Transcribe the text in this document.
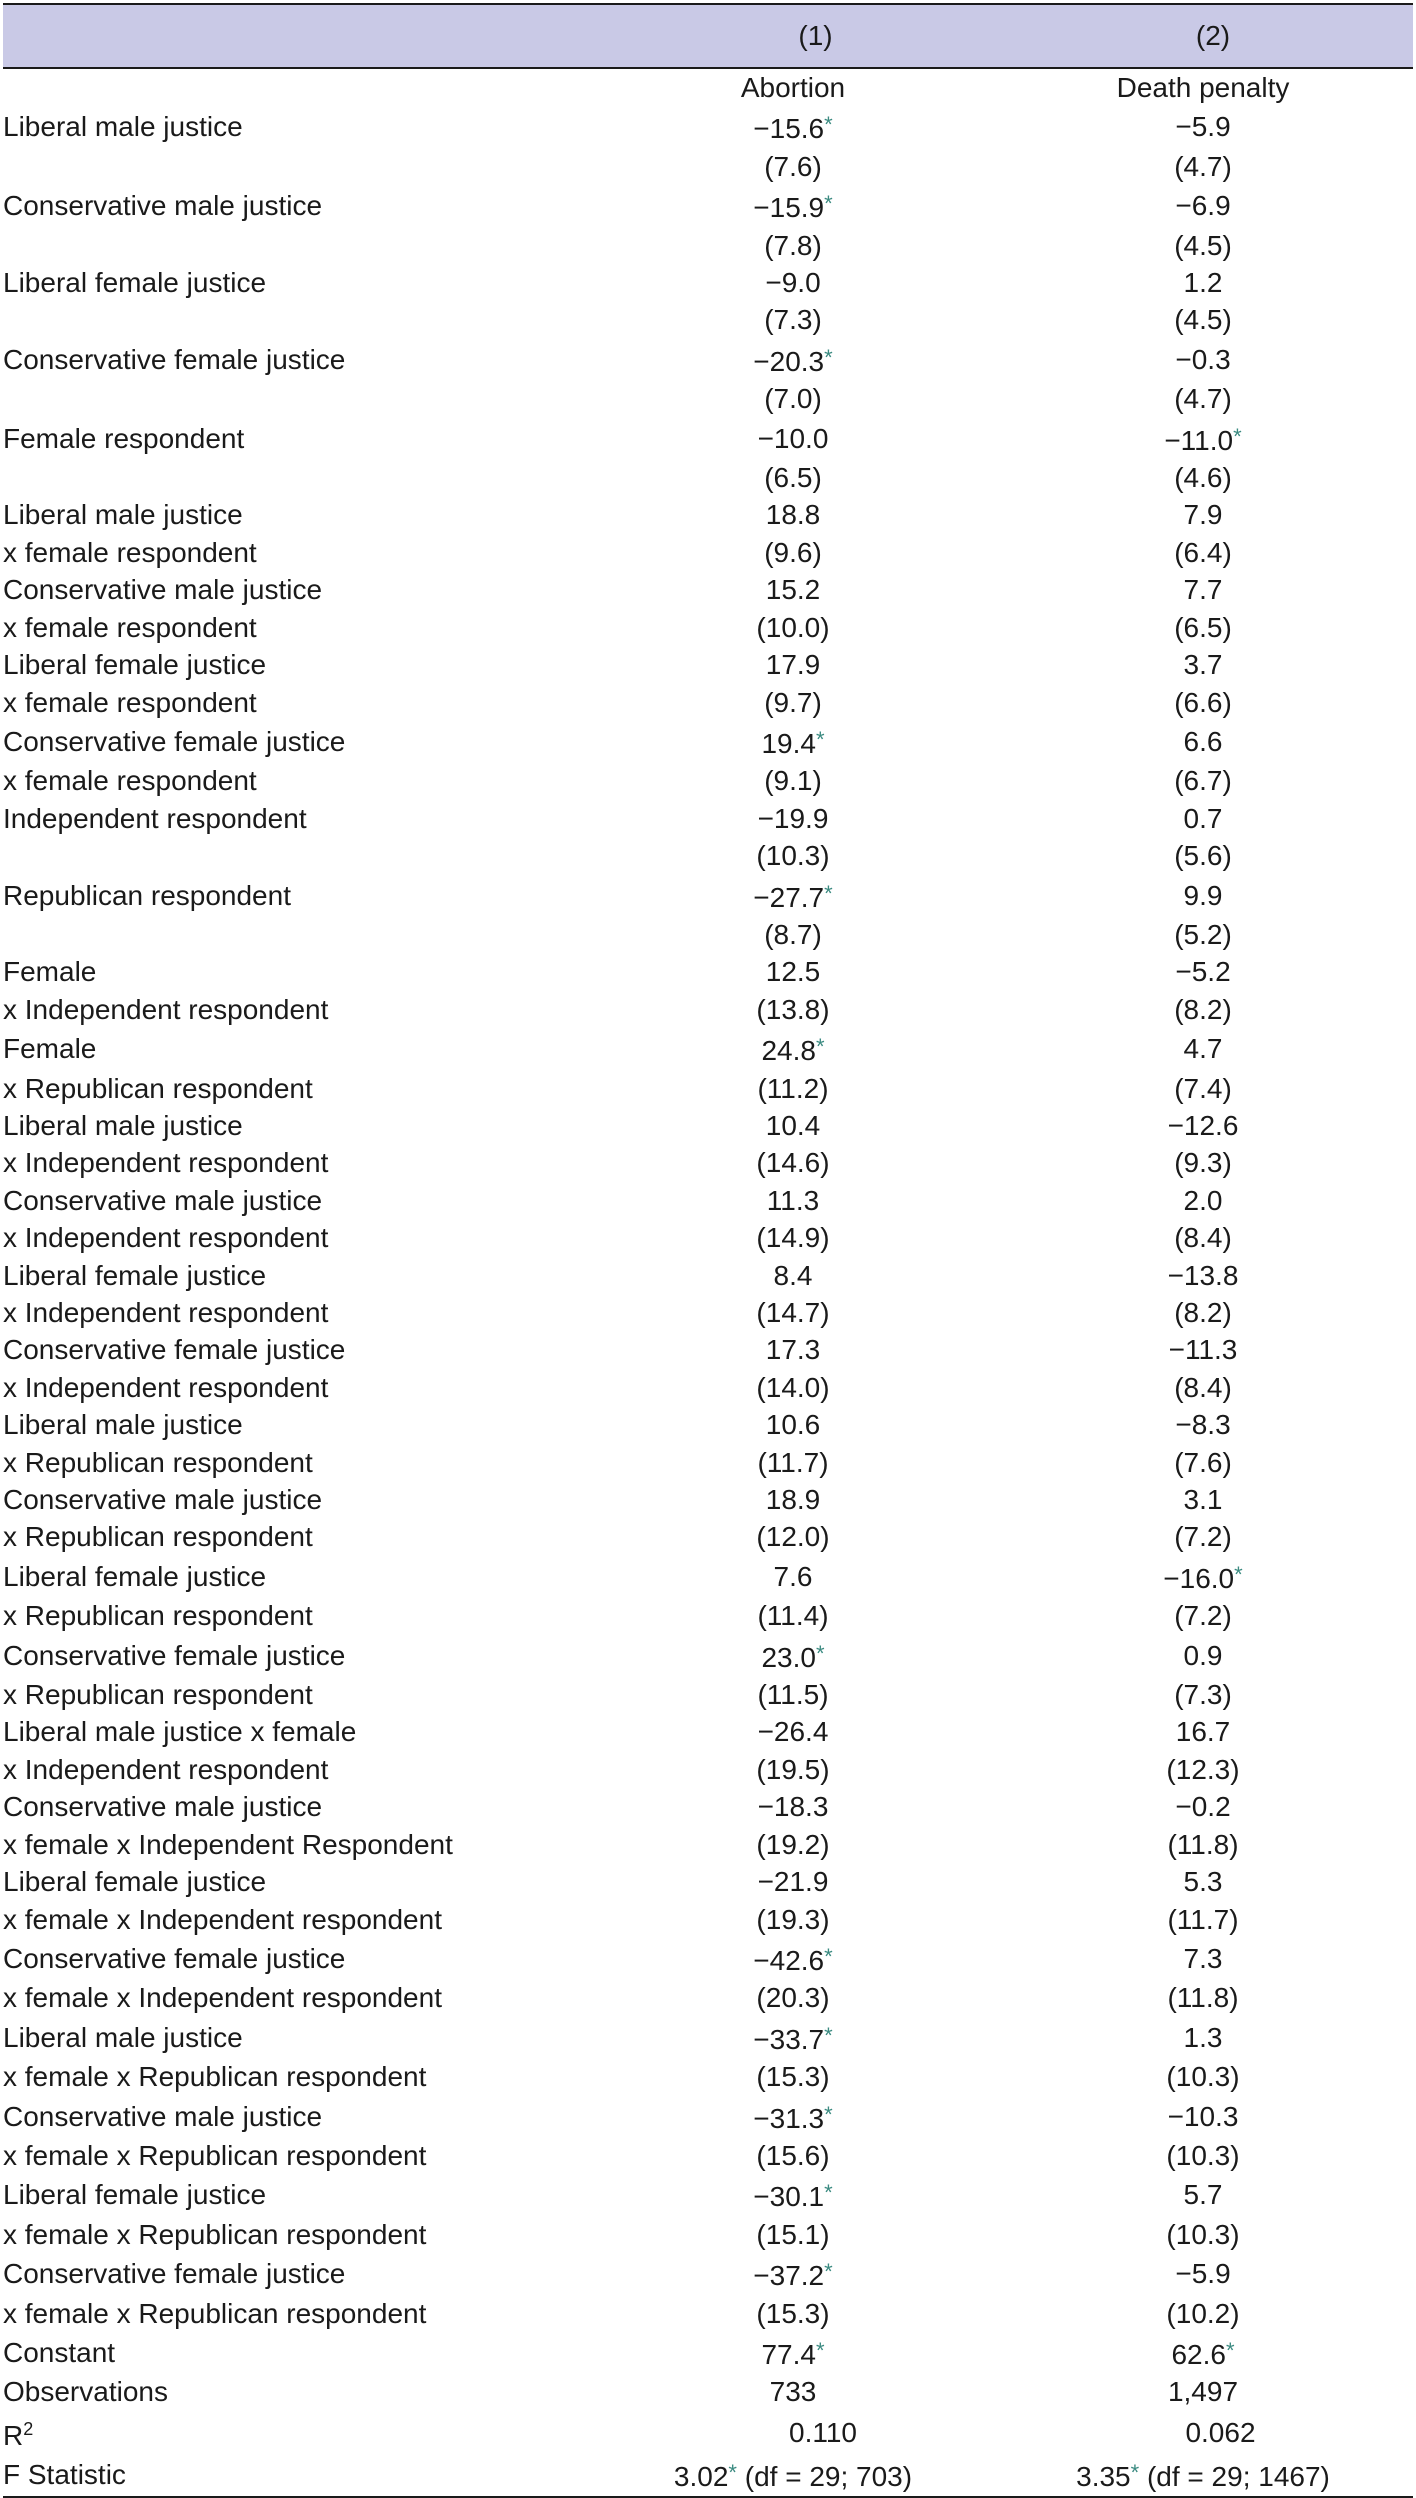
	(1)	(2)
	Abortion	Death penalty
Liberal male justice	−15.6*	−5.9
	(7.6)	(4.7)
Conservative male justice	−15.9*	−6.9
	(7.8)	(4.5)
Liberal female justice	−9.0	1.2
	(7.3)	(4.5)
Conservative female justice	−20.3*	−0.3
	(7.0)	(4.7)
Female respondent	−10.0	−11.0*
	(6.5)	(4.6)
Liberal male justice	18.8	7.9
x female respondent	(9.6)	(6.4)
Conservative male justice	15.2	7.7
x female respondent	(10.0)	(6.5)
Liberal female justice	17.9	3.7
x female respondent	(9.7)	(6.6)
Conservative female justice	19.4*	6.6
x female respondent	(9.1)	(6.7)
Independent respondent	−19.9	0.7
	(10.3)	(5.6)
Republican respondent	−27.7*	9.9
	(8.7)	(5.2)
Female	12.5	−5.2
x Independent respondent	(13.8)	(8.2)
Female	24.8*	4.7
x Republican respondent	(11.2)	(7.4)
Liberal male justice	10.4	−12.6
x Independent respondent	(14.6)	(9.3)
Conservative male justice	11.3	2.0
x Independent respondent	(14.9)	(8.4)
Liberal female justice	8.4	−13.8
x Independent respondent	(14.7)	(8.2)
Conservative female justice	17.3	−11.3
x Independent respondent	(14.0)	(8.4)
Liberal male justice	10.6	−8.3
x Republican respondent	(11.7)	(7.6)
Conservative male justice	18.9	3.1
x Republican respondent	(12.0)	(7.2)
Liberal female justice	7.6	−16.0*
x Republican respondent	(11.4)	(7.2)
Conservative female justice	23.0*	0.9
x Republican respondent	(11.5)	(7.3)
Liberal male justice x female	−26.4	16.7
x Independent respondent	(19.5)	(12.3)
Conservative male justice	−18.3	−0.2
x female x Independent Respondent	(19.2)	(11.8)
Liberal female justice	−21.9	5.3
x female x Independent respondent	(19.3)	(11.7)
Conservative female justice	−42.6*	7.3
x female x Independent respondent	(20.3)	(11.8)
Liberal male justice	−33.7*	1.3
x female x Republican respondent	(15.3)	(10.3)
Conservative male justice	−31.3*	−10.3
x female x Republican respondent	(15.6)	(10.3)
Liberal female justice	−30.1*	5.7
x female x Republican respondent	(15.1)	(10.3)
Conservative female justice	−37.2*	−5.9
x female x Republican respondent	(15.3)	(10.2)
Constant	77.4*	62.6*
Observations	733	1,497
$R^2$	0.110	0.062
F Statistic	3.02* (df = 29; 703)	3.35* (df = 29; 1467)
